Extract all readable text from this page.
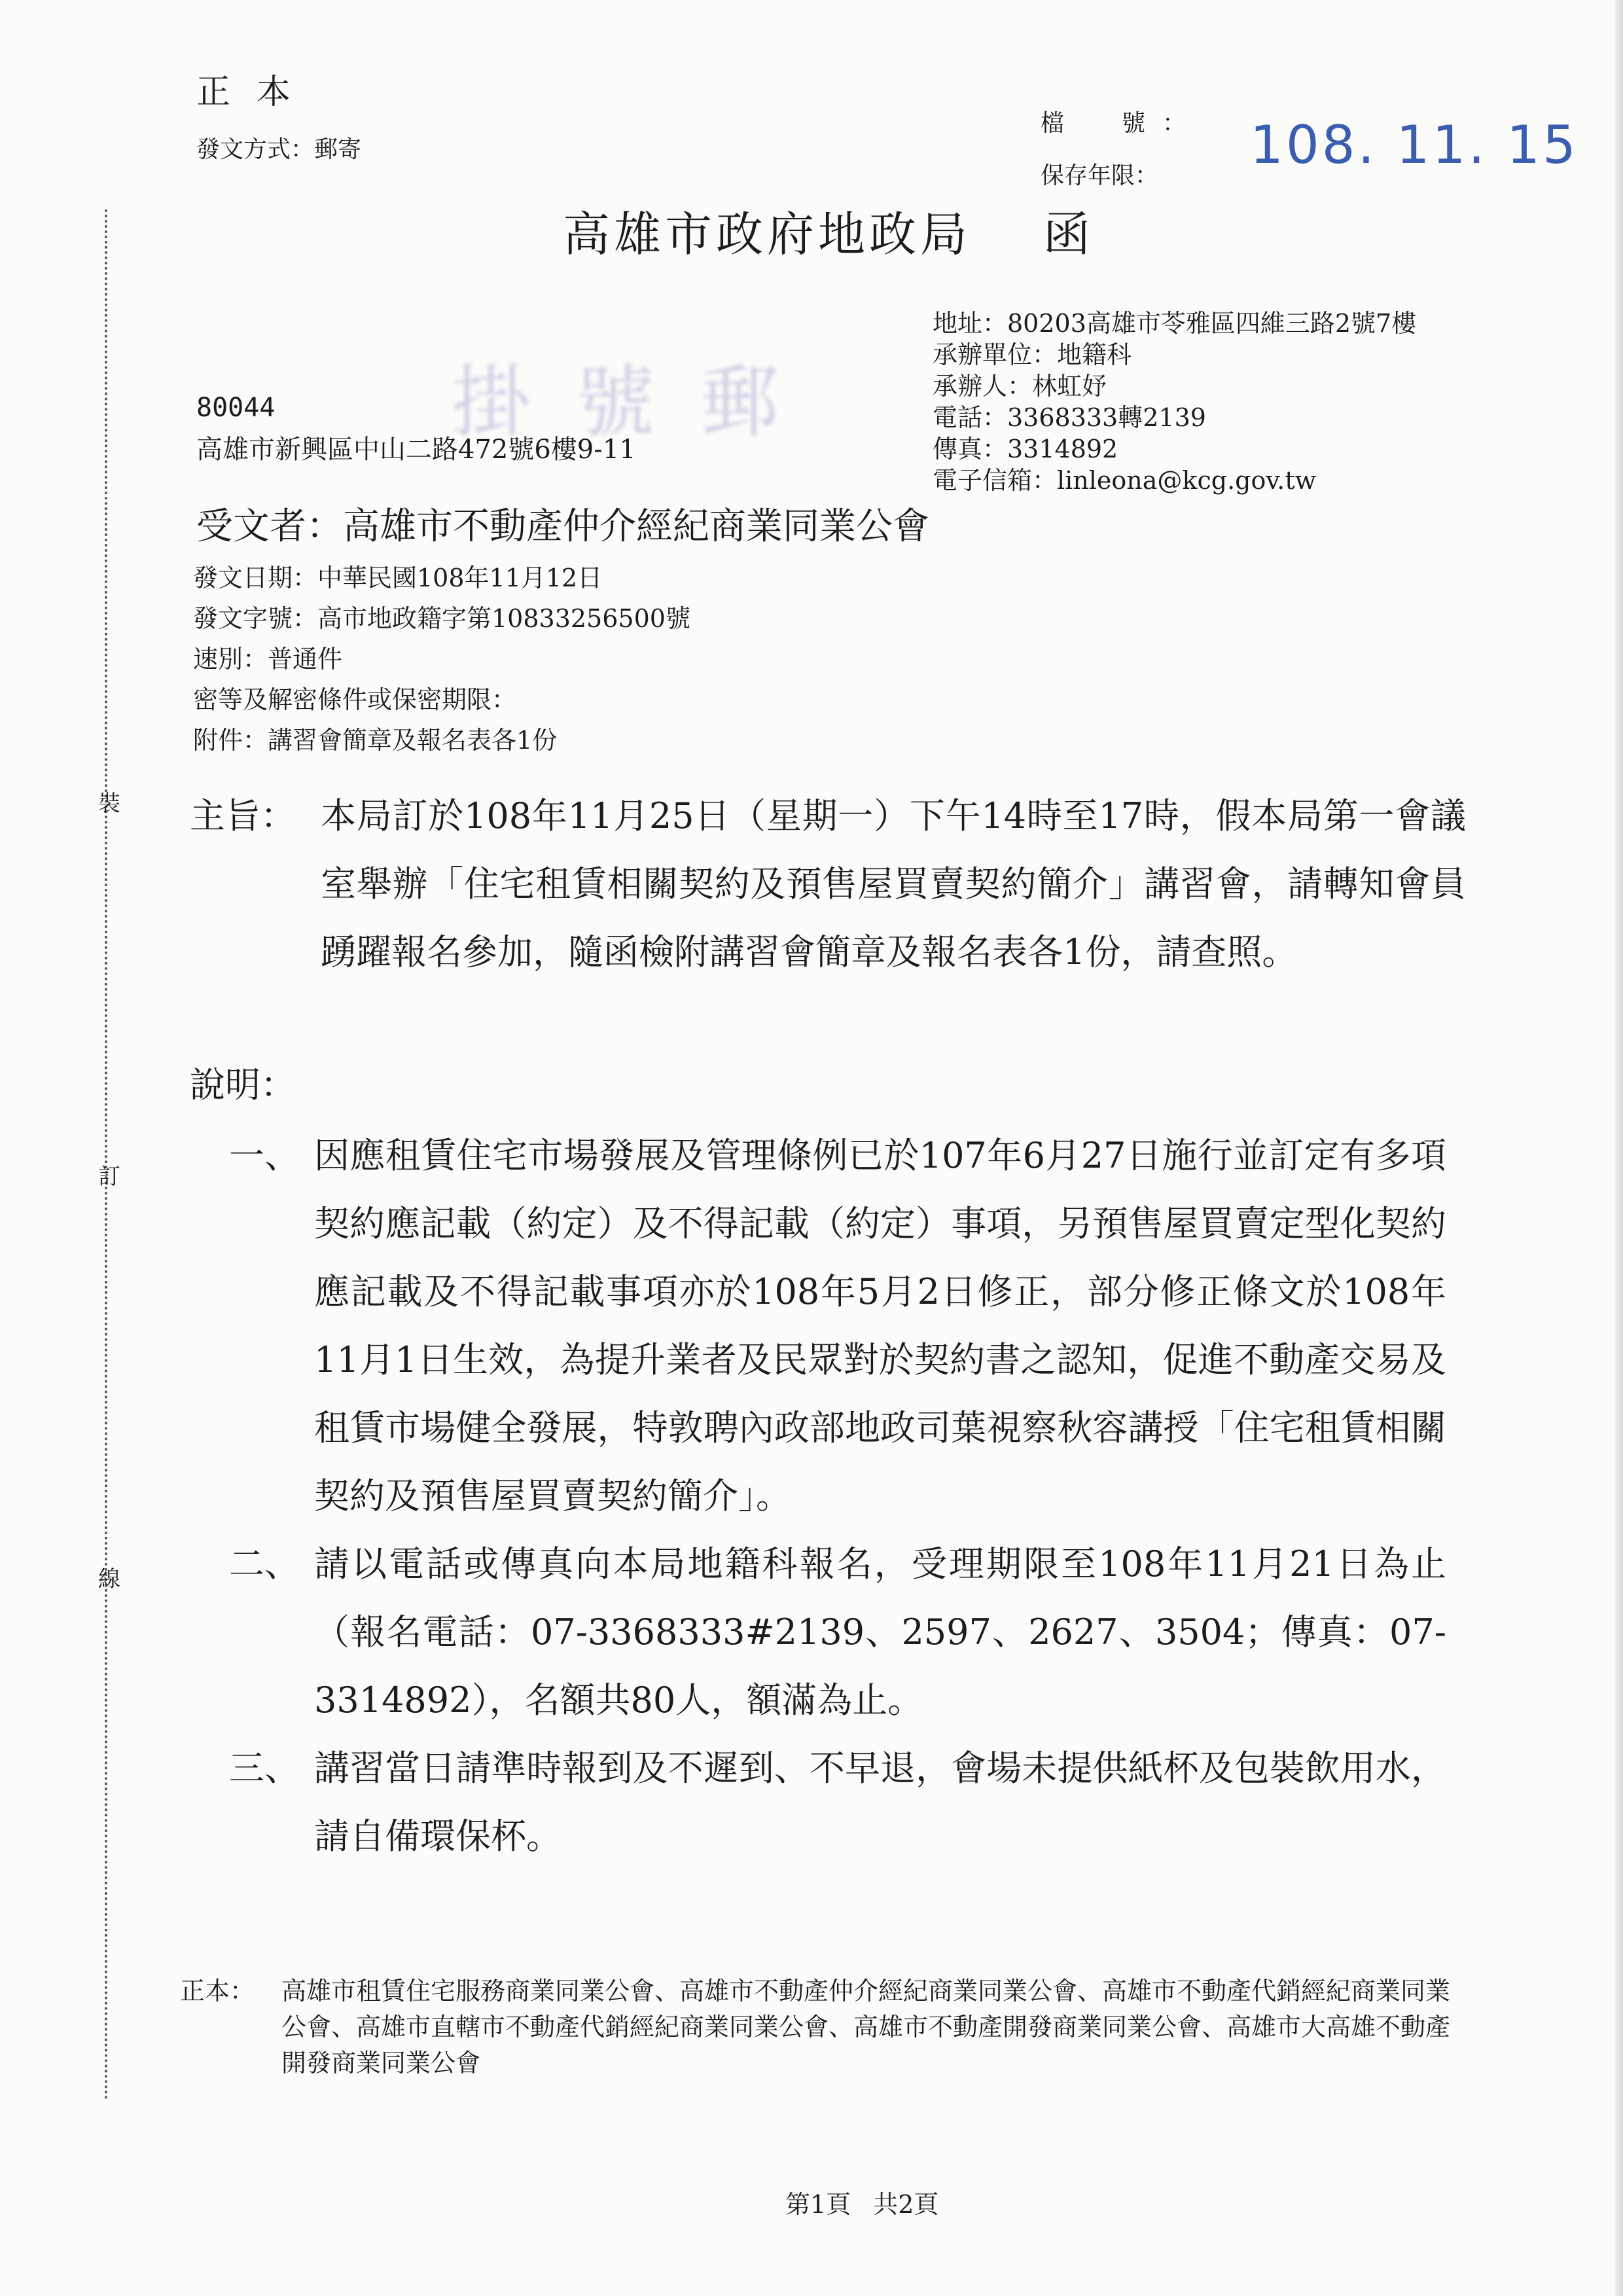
裝
訂
線
正本
發文方式：郵寄
檔　號：
保存年限：
108. 11. 15
高雄市政府地政局 函
地址：80203高雄市苓雅區四維三路2號7樓
承辦單位：地籍科
承辦人：林虹妤
電話：3368333轉2139
傳真：3314892
電子信箱：linleona@kcg.gov.tw
掛 號 郵
80044
高雄市新興區中山二路472號6樓9-11
受文者：高雄市不動產仲介經紀商業同業公會
發文日期：中華民國108年11月12日
發文字號：高市地政籍字第10833256500號
速別：普通件
密等及解密條件或保密期限：
附件：講習會簡章及報名表各1份
主旨： 本局訂於108年11月25日（星期一）下午14時至17時，假本局第一會議室舉辦「住宅租賃相關契約及預售屋買賣契約簡介」講習會，請轉知會員踴躍報名參加，隨函檢附講習會簡章及報名表各1份，請查照。
說明：
一、 因應租賃住宅市場發展及管理條例已於107年6月27日施行並訂定有多項契約應記載（約定）及不得記載（約定）事項，另預售屋買賣定型化契約應記載及不得記載事項亦於108年5月2日修正，部分修正條文於108年11月1日生效，為提升業者及民眾對於契約書之認知，促進不動產交易及租賃市場健全發展，特敦聘內政部地政司葉視察秋容講授「住宅租賃相關契約及預售屋買賣契約簡介」。
二、 請以電話或傳真向本局地籍科報名，受理期限至108年11月21日為止（報名電話：07-3368333#2139、2597、2627、3504；傳真：07-3314892），名額共80人，額滿為止。
三、 講習當日請準時報到及不遲到、不早退，會場未提供紙杯及包裝飲用水，請自備環保杯。
正本： 高雄市租賃住宅服務商業同業公會、高雄市不動產仲介經紀商業同業公會、高雄市不動產代銷經紀商業同業公會、高雄市直轄市不動產代銷經紀商業同業公會、高雄市不動產開發商業同業公會、高雄市大高雄不動產開發商業同業公會
第1頁 共2頁
